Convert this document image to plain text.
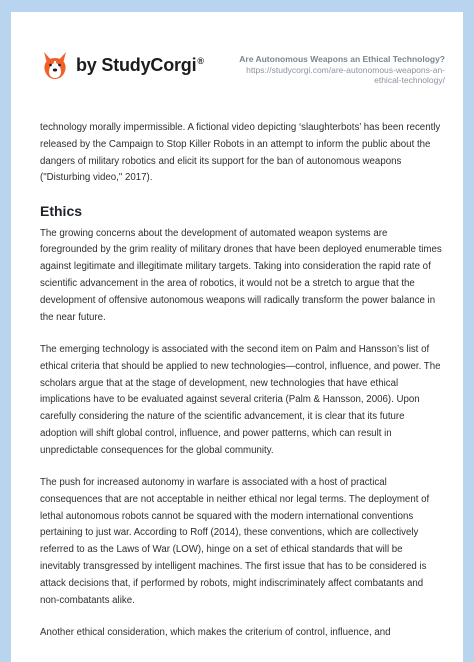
by StudyCorgi®	Are Autonomous Weapons an Ethical Technology?
https://studycorgi.com/are-autonomous-weapons-an-ethical-technology/

technology morally impermissible. A fictional video depicting ‘slaughterbots’ has been recently released by the Campaign to Stop Killer Robots in an attempt to inform the public about the dangers of military robotics and elicit its support for the ban of autonomous weapons ("Disturbing video," 2017).

Ethics

The growing concerns about the development of automated weapon systems are foregrounded by the grim reality of military drones that have been deployed enumerable times against legitimate and illegitimate military targets. Taking into consideration the rapid rate of scientific advancement in the area of robotics, it would not be a stretch to argue that the development of offensive autonomous weapons will radically transform the power balance in the near future.

The emerging technology is associated with the second item on Palm and Hansson’s list of ethical criteria that should be applied to new technologies—control, influence, and power. The scholars argue that at the stage of development, new technologies that have ethical implications have to be evaluated against several criteria (Palm & Hansson, 2006). Upon carefully considering the nature of the scientific advancement, it is clear that its future adoption will shift global control, influence, and power patterns, which can result in unpredictable consequences for the global community.

The push for increased autonomy in warfare is associated with a host of practical consequences that are not acceptable in neither ethical nor legal terms. The deployment of lethal autonomous robots cannot be squared with the modern international conventions pertaining to just war. According to Roff (2014), these conventions, which are collectively referred to as the Laws of War (LOW), hinge on a set of ethical standards that will be inevitably transgressed by intelligent machines. The first issue that has to be considered is attack decisions that, if performed by robots, might indiscriminately affect combatants and non-combatants alike.

Another ethical consideration, which makes the criterium of control, influence, and
